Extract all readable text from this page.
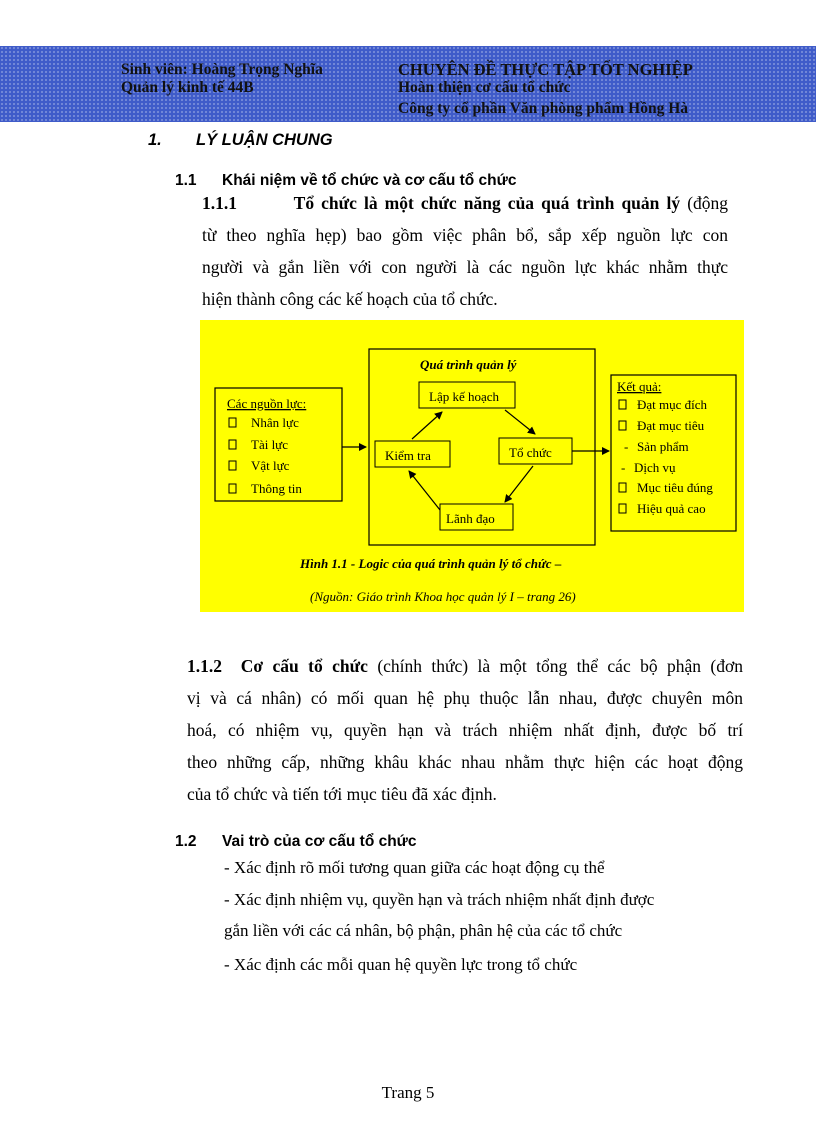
Sinh viên: Hoàng Trọng Nghĩa
Quản lý kinh tế 44B
CHUYÊN ĐỀ THỰC TẬP TỐT NGHIỆP
Hoàn thiện cơ cấu tổ chức
Công ty cổ phần Văn phòng phẩm Hồng Hà
1. LÝ LUẬN CHUNG
1.1 Khái niệm về tổ chức và cơ cấu tổ chức
1.1.1	Tổ chức là một chức năng của quá trình quản lý (động
từ theo nghĩa hẹp) bao gồm việc phân bổ, sắp xếp nguồn lực con
người và gắn liền với con người là các nguồn lực khác nhằm thực
hiện thành công các kế hoạch của tổ chức.
Các nguồn lực:
Nhân lực
Tài lực
Vật lực
Thông tin
Quá trình quản lý
Lập kế hoạch
Kiểm tra	Tổ chức
Lãnh đạo
Kết quả:
Đạt mục đích
Đạt mục tiêu
- Sản phẩm
- Dịch vụ
Mục tiêu đúng
Hiệu quả cao
Hình 1.1 - Logic của quá trình quản lý tổ chức –
(Nguồn: Giáo trình Khoa học quản lý I – trang 26)
1.1.2 Cơ cấu tổ chức (chính thức) là một tổng thể các bộ phận (đơn
vị và cá nhân) có mối quan hệ phụ thuộc lẫn nhau, được chuyên môn
hoá, có nhiệm vụ, quyền hạn và trách nhiệm nhất định, được bố trí
theo những cấp, những khâu khác nhau nhằm thực hiện các hoạt động
của tổ chức và tiến tới mục tiêu đã xác định.
1.2 Vai trò của cơ cấu tổ chức
- Xác định rõ mối tương quan giữa các hoạt động cụ thể
- Xác định nhiệm vụ, quyền hạn và trách nhiệm nhất định được
gắn liền với các cá nhân, bộ phận, phân hệ của các tổ chức
- Xác định các mỗi quan hệ quyền lực trong tổ chức
Trang 5
